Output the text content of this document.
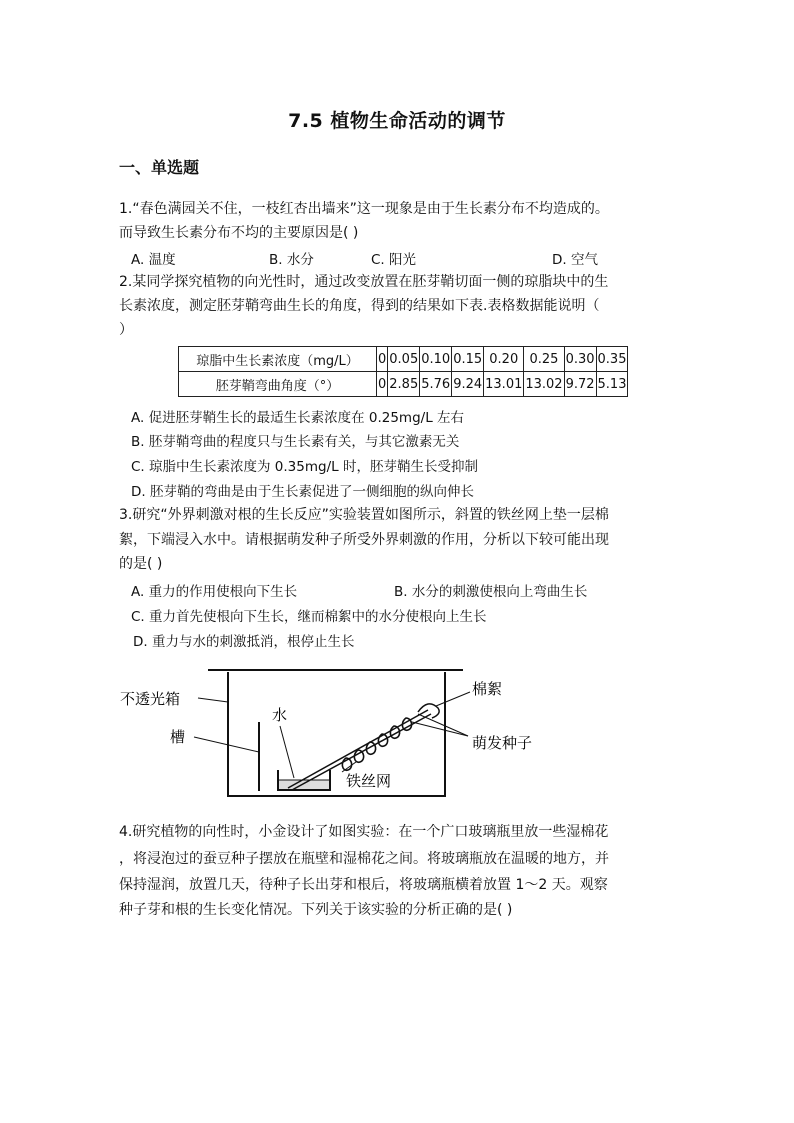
7.5 植物生命活动的调节
一、单选题
1.“春色满园关不住，一枝红杏出墙来”这一现象是由于生长素分布不均造成的。
而导致生长素分布不均的主要原因是( )
A. 温度	B. 水分	C. 阳光	D. 空气
2.某同学探究植物的向光性时，通过改变放置在胚芽鞘切面一侧的琼脂块中的生
长素浓度，测定胚芽鞘弯曲生长的角度，得到的结果如下表.表格数据能说明（
）
琼脂中生长素浓度（mg/L）	0	0.05	0.10	0.15	0.20	0.25	0.30	0.35
胚芽鞘弯曲角度（°）	0	2.85	5.76	9.24	13.01	13.02	9.72	5.13
A. 促进胚芽鞘生长的最适生长素浓度在 0.25mg/L 左右
B. 胚芽鞘弯曲的程度只与生长素有关，与其它激素无关
C. 琼脂中生长素浓度为 0.35mg/L 时，胚芽鞘生长受抑制
D. 胚芽鞘的弯曲是由于生长素促进了一侧细胞的纵向伸长
3.研究“外界刺激对根的生长反应”实验装置如图所示，斜置的铁丝网上垫一层棉
絮，下端浸入水中。请根据萌发种子所受外界刺激的作用，分析以下较可能出现
的是( )
A. 重力的作用使根向下生长	B. 水分的刺激使根向上弯曲生长
C. 重力首先使根向下生长，继而棉絮中的水分使根向上生长
D. 重力与水的刺激抵消，根停止生长
不透光箱
槽
水
棉絮
萌发种子
铁丝网
4.研究植物的向性时，小金设计了如图实验：在一个广口玻璃瓶里放一些湿棉花
，将浸泡过的蚕豆种子摆放在瓶壁和湿棉花之间。将玻璃瓶放在温暖的地方，并
保持湿润，放置几天，待种子长出芽和根后，将玻璃瓶横着放置 1～2 天。观察
种子芽和根的生长变化情况。下列关于该实验的分析正确的是( )
